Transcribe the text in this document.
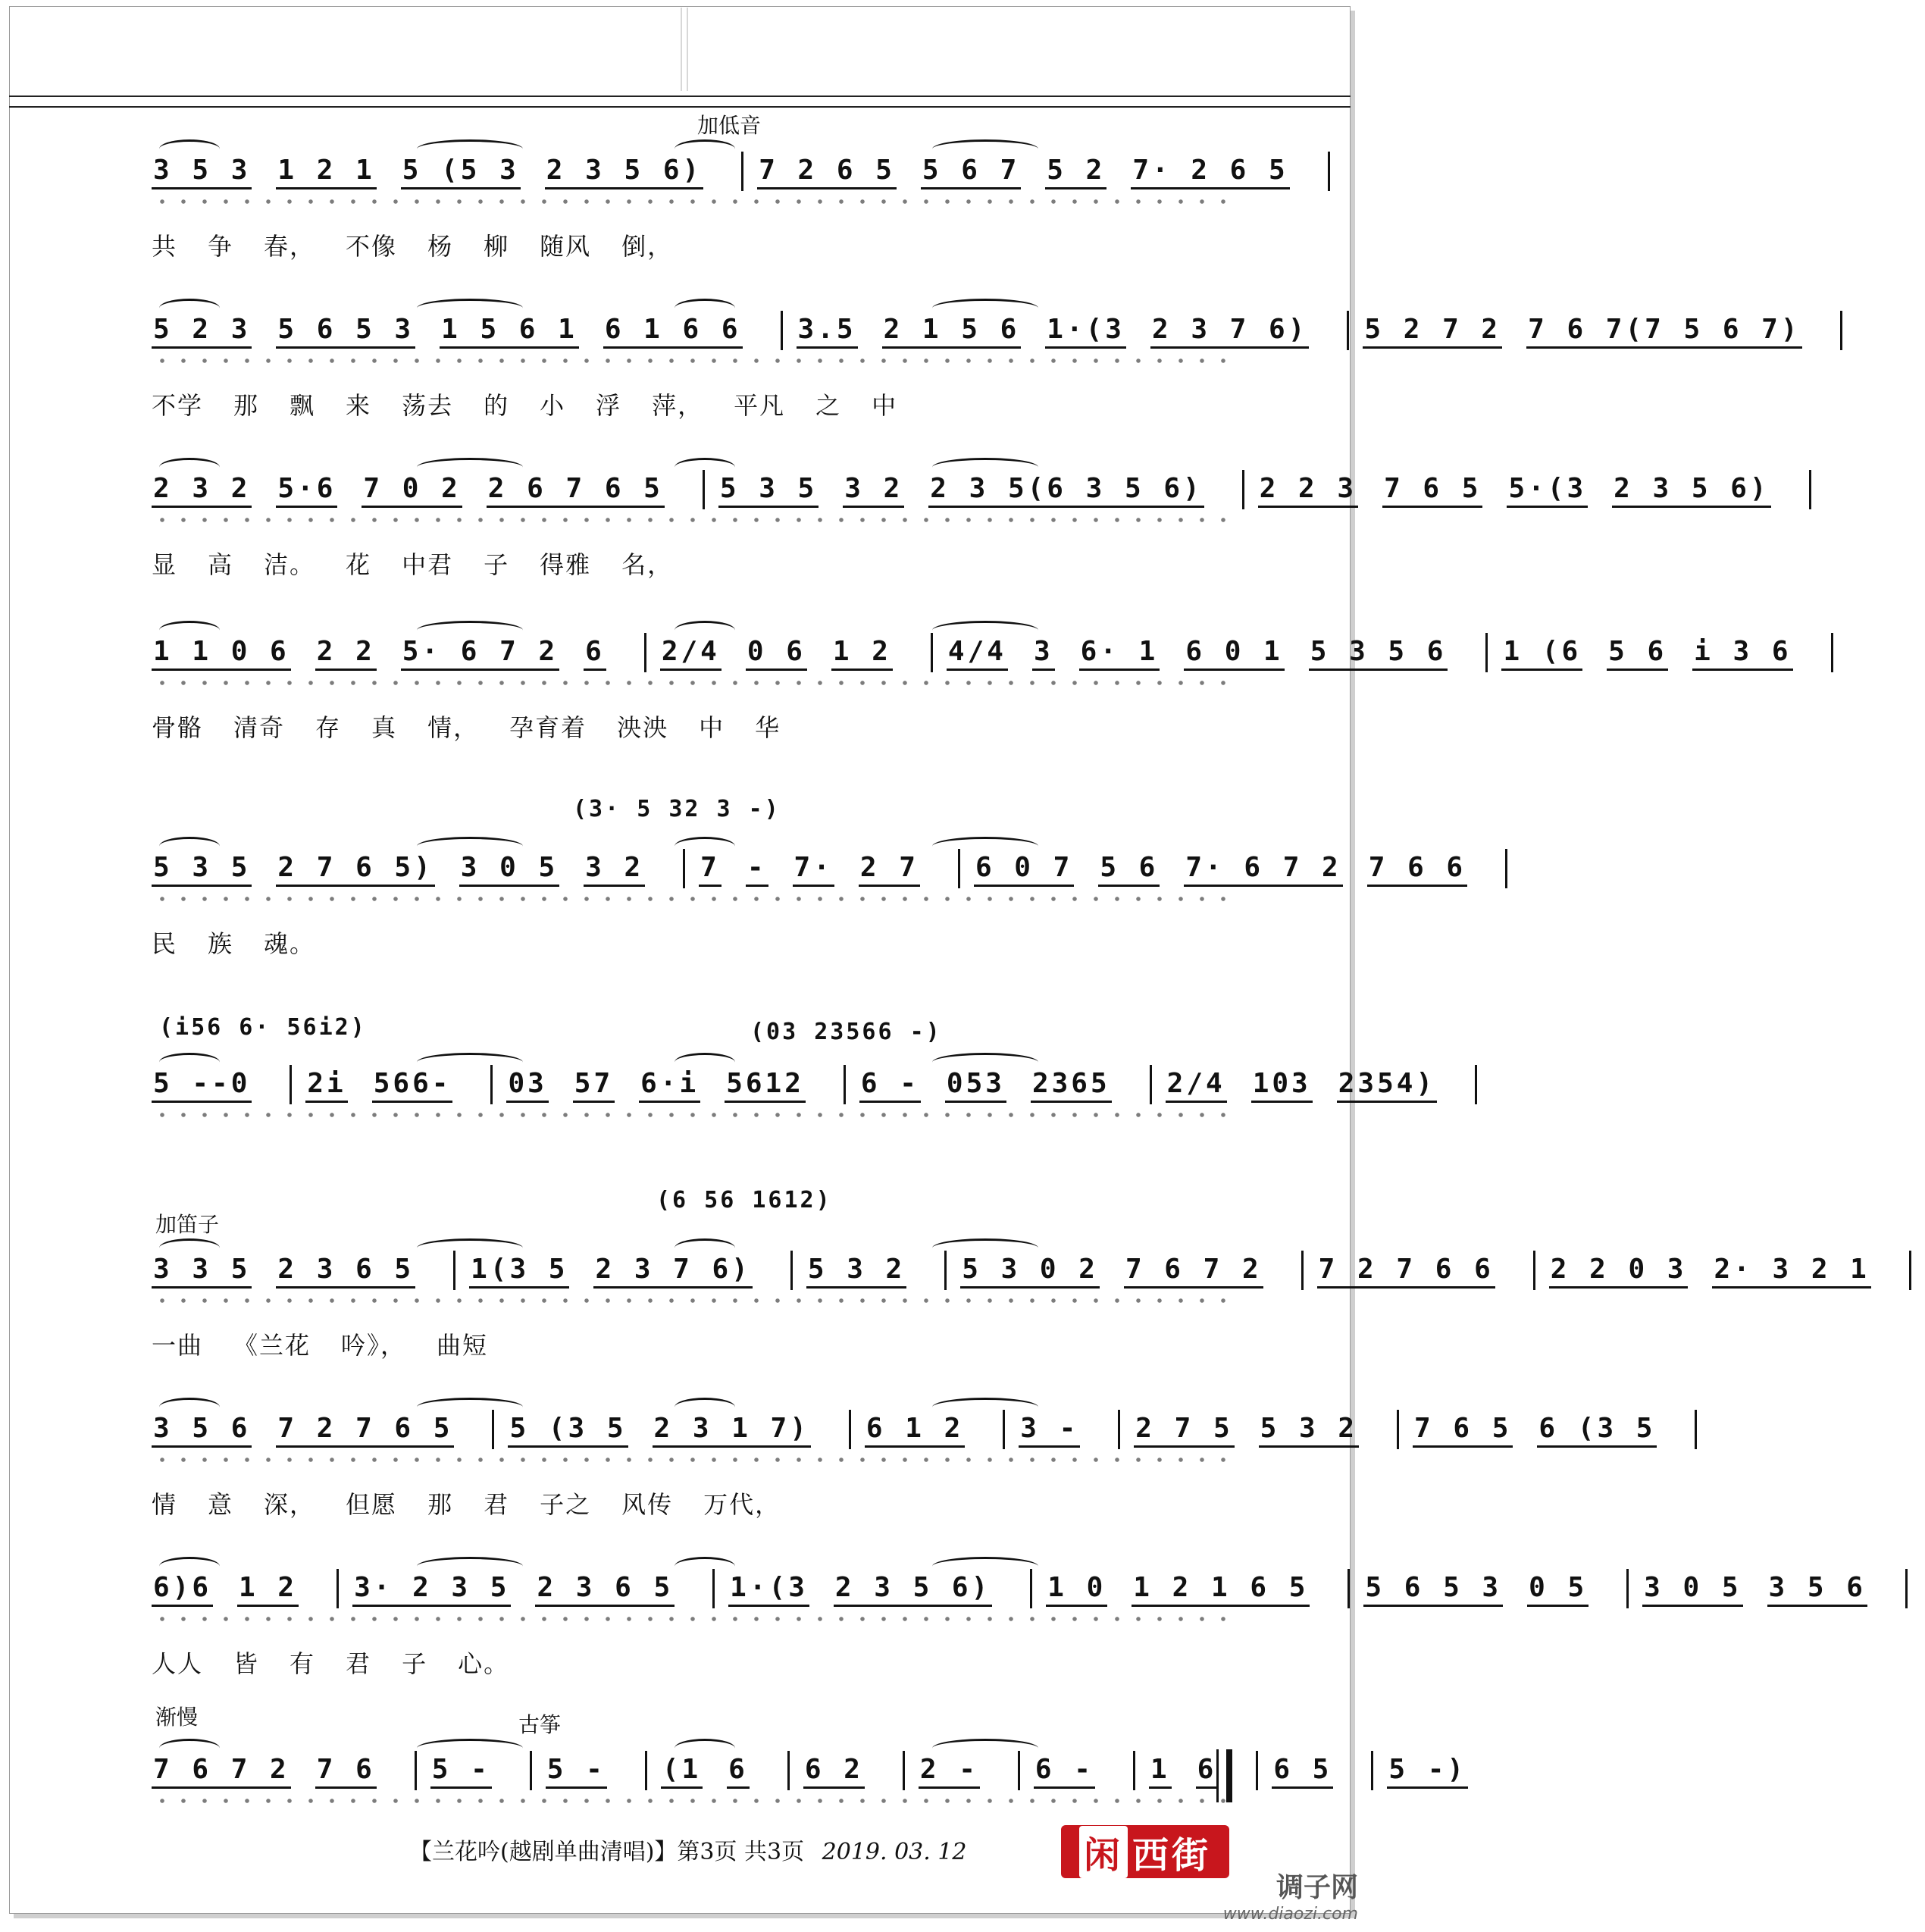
加低音
加笛子
渐慢	古筝
(3· 5 32 3 -)
(i56 6· 56i2)	(03 23566 -)
(6 56 1612)
3 5 3 1 2 1 5 (5 3 2 3 5 6) 7 2 6 5 5 6 7 5 2 7· 2 6 5
共 争 春， 不像 杨 柳 随风 倒，
5 2 3 5 6 5 3 1 5 6 1 6 1 6 6 3.5 2 1 5 6 1·(3 2 3 7 6) 5 2 7 2 7 6 7(7 5 6 7)
不学 那 飘 来 荡去 的 小 浮 萍， 平凡 之 中
2 3 2 5·6 7 0 2 2 6 7 6 5 5 3 5 3 2 2 3 5(6 3 5 6) 2 2 3 7 6 5 5·(3 2 3 5 6)
显 高 洁。 花 中君 子 得雅 名，
1 1 0 6 2 2 5· 6 7 2 6 2/4 0 6 1 2 4/4 3 6· 1 6 0 1 5 3 5 6 1 (6 5 6 i 3 6
骨骼 清奇 存 真 情， 孕育着 泱泱 中 华
5 3 5 2 7 6 5) 3 0 5 3 2 7 - 7· 2 7 6 0 7 5 6 7· 6 7 2 7 6 6
民 族 魂。
5 --0 2i 566- 03 57 6·i 5612 6 - 053 2365 2/4 103 2354)
3 3 5 2 3 6 5 1(3 5 2 3 7 6) 5 3 2 5 3 0 2 7 6 7 2 7 2 7 6 6 2 2 0 3 2· 3 2 1
一曲 《兰花 吟》， 曲短
3 5 6 7 2 7 6 5 5 (3 5 2 3 1 7) 6 1 2 3 - 2 7 5 5 3 2 7 6 5 6 (3 5
情 意 深， 但愿 那 君 子之 风传 万代，
6)6 1 2 3· 2 3 5 2 3 6 5 1·(3 2 3 5 6) 1 0 1 2 1 6 5 5 6 5 3 0 5 3 0 5 3 5 6
人人 皆 有 君 子 心。
7 6 7 2 7 6 5 - 5 - (1 6 6 2 2 - 6 - 1 6 6 5 5 -)
【兰花吟(越剧单曲清唱)】第3页 共3页 2019. 03. 12	闲 西街
调子网
www.diaozi.com
